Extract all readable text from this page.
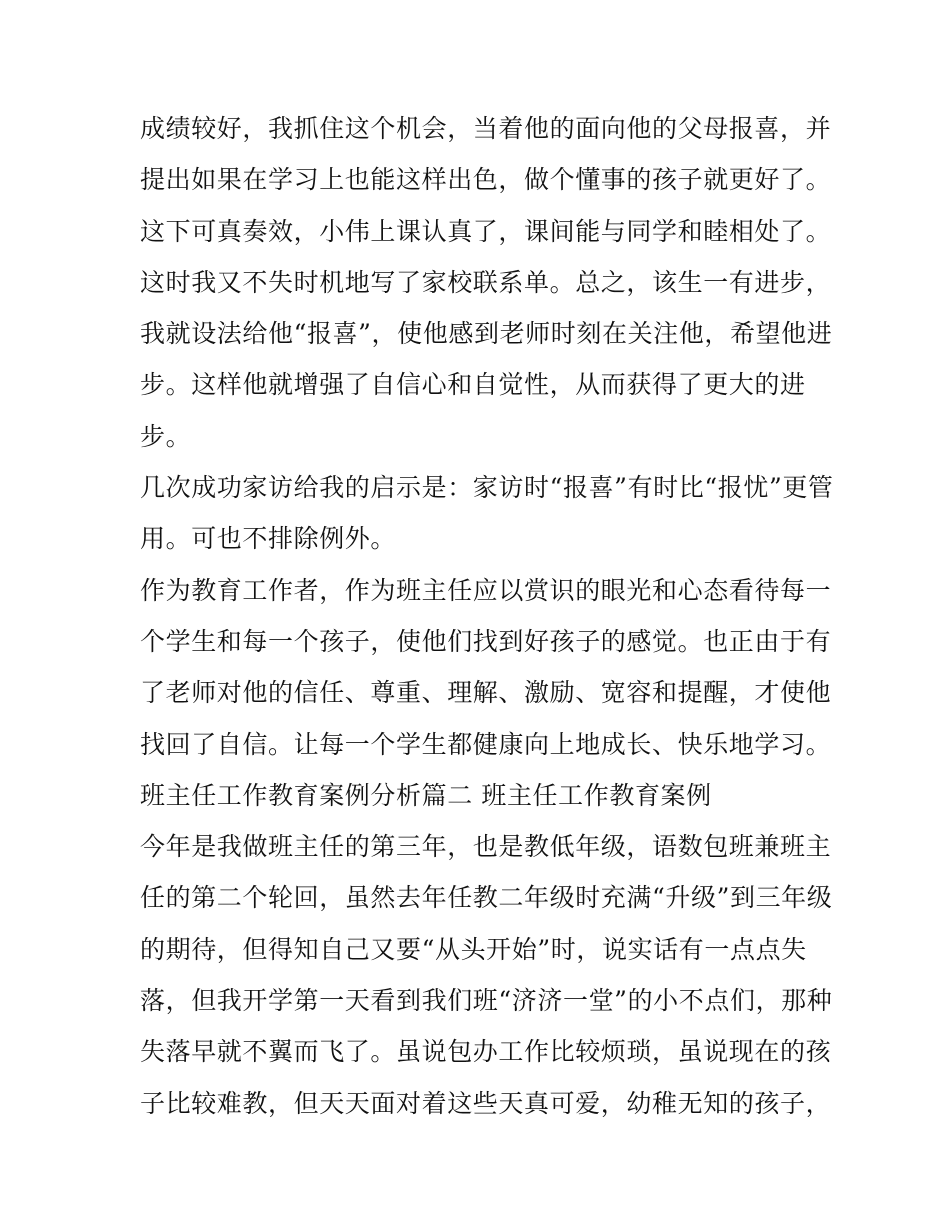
成绩较好，我抓住这个机会，当着他的面向他的父母报喜，并
提出如果在学习上也能这样出色，做个懂事的孩子就更好了。
这下可真奏效，小伟上课认真了，课间能与同学和睦相处了。
这时我又不失时机地写了家校联系单。总之，该生一有进步，
我就设法给他“报喜”，使他感到老师时刻在关注他，希望他进
步。这样他就增强了自信心和自觉性，从而获得了更大的进
步。
几次成功家访给我的启示是：家访时“报喜”有时比“报忧”更管
用。可也不排除例外。
作为教育工作者，作为班主任应以赏识的眼光和心态看待每一
个学生和每一个孩子，使他们找到好孩子的感觉。也正由于有
了老师对他的信任、尊重、理解、激励、宽容和提醒，才使他
找回了自信。让每一个学生都健康向上地成长、快乐地学习。
班主任工作教育案例分析篇二 班主任工作教育案例
今年是我做班主任的第三年，也是教低年级，语数包班兼班主
任的第二个轮回，虽然去年任教二年级时充满“升级”到三年级
的期待，但得知自己又要“从头开始”时，说实话有一点点失
落，但我开学第一天看到我们班“济济一堂”的小不点们，那种
失落早就不翼而飞了。虽说包办工作比较烦琐，虽说现在的孩
子比较难教，但天天面对着这些天真可爱，幼稚无知的孩子，
